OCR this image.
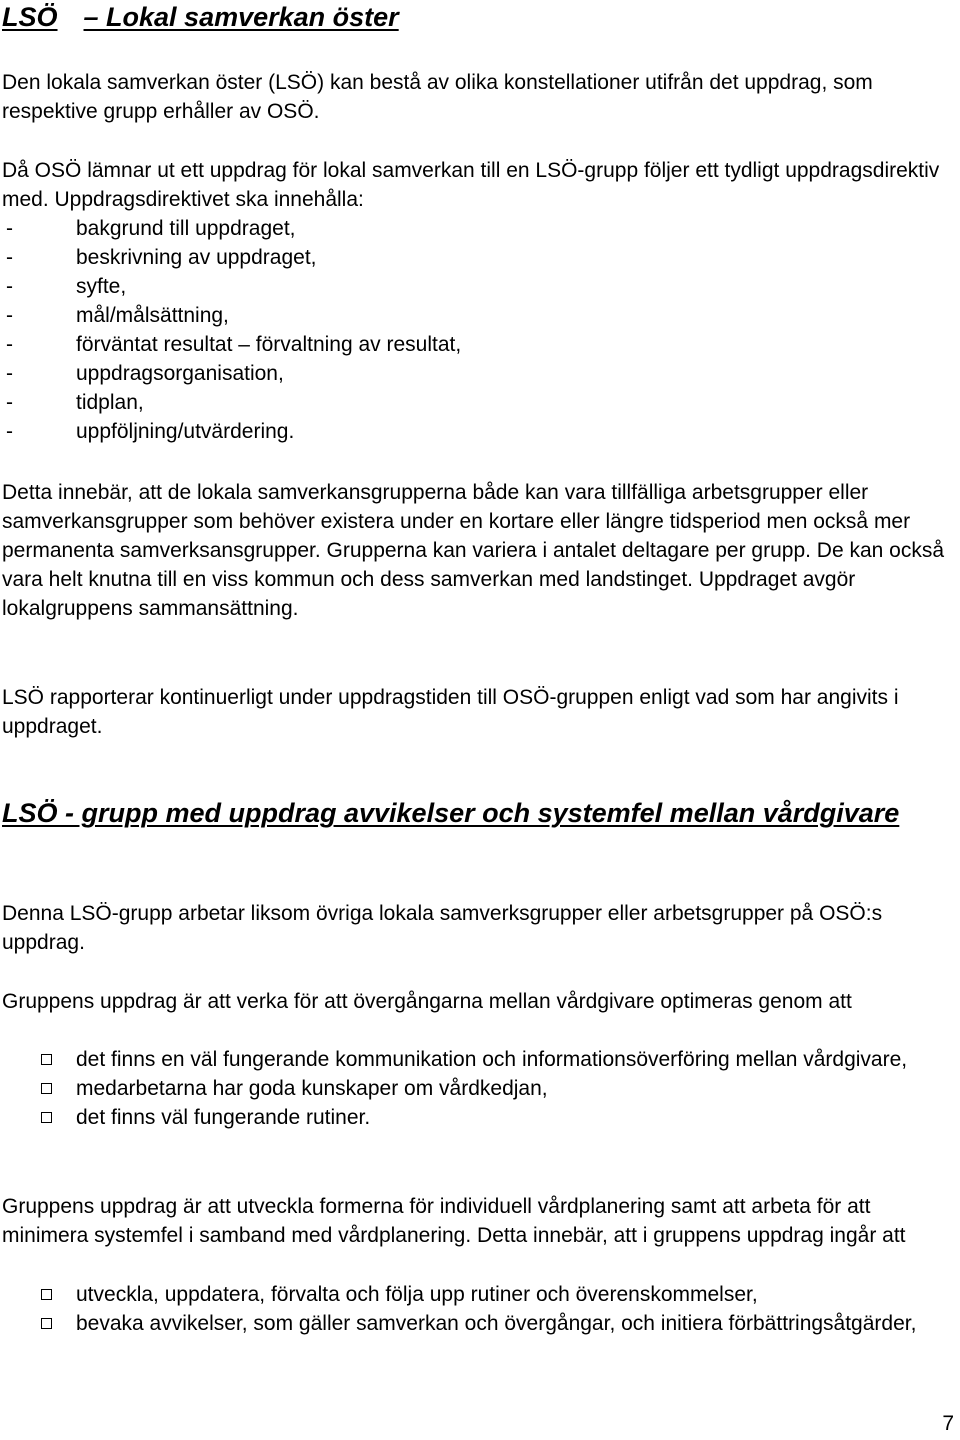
LSÖ – Lokal samverkan öster

Den lokala samverkan öster (LSÖ) kan bestå av olika konstellationer utifrån det uppdrag, som respektive grupp erhåller av OSÖ.

Då OSÖ lämnar ut ett uppdrag för lokal samverkan till en LSÖ-grupp följer ett tydligt uppdragsdirektiv med. Uppdragsdirektivet ska innehålla:

-	bakgrund till uppdraget,
-	beskrivning av uppdraget,
-	syfte,
-	mål/målsättning,
-	förväntat resultat – förvaltning av resultat,
-	uppdragsorganisation,
-	tidplan,
-	uppföljning/utvärdering.

Detta innebär, att de lokala samverkansgrupperna både kan vara tillfälliga arbetsgrupper eller samverkansgrupper som behöver existera under en kortare eller längre tidsperiod men också mer permanenta samverksansgrupper. Grupperna kan variera i antalet deltagare per grupp. De kan också vara helt knutna till en viss kommun och dess samverkan med landstinget. Uppdraget avgör lokalgruppens sammansättning.

LSÖ rapporterar kontinuerligt under uppdragstiden till OSÖ-gruppen enligt vad som har angivits i uppdraget.

LSÖ - grupp med uppdrag avvikelser och systemfel mellan vårdgivare

Denna LSÖ-grupp arbetar liksom övriga lokala samverksgrupper eller arbetsgrupper på OSÖ:s uppdrag.

Gruppens uppdrag är att verka för att övergångarna mellan vårdgivare optimeras genom att

det finns en väl fungerande kommunikation och informationsöverföring mellan vårdgivare,
medarbetarna har goda kunskaper om vårdkedjan,
det finns väl fungerande rutiner.

Gruppens uppdrag är att utveckla formerna för individuell vårdplanering samt att arbeta för att minimera systemfel i samband med vårdplanering. Detta innebär, att i gruppens uppdrag ingår att

utveckla, uppdatera, förvalta och följa upp rutiner och överenskommelser,
bevaka avvikelser, som gäller samverkan och övergångar, och initiera förbättringsåtgärder,
7
